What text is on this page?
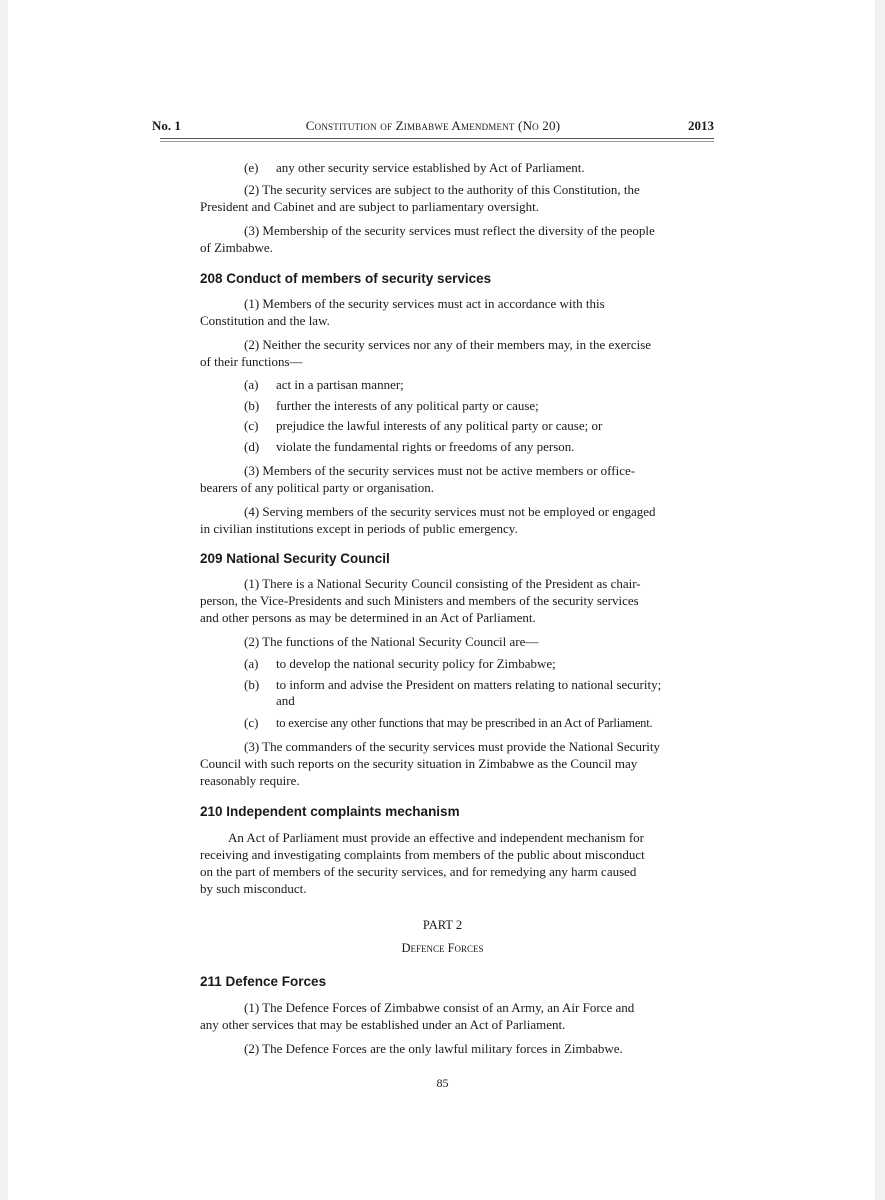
No. 1	Constitution of Zimbabwe Amendment (No 20)	2013
(e) any other security service established by Act of Parliament.
(2) The security services are subject to the authority of this Constitution, the
President and Cabinet and are subject to parliamentary oversight.
(3) Membership of the security services must reflect the diversity of the people
of Zimbabwe.
208 Conduct of members of security services
(1) Members of the security services must act in accordance with this
Constitution and the law.
(2) Neither the security services nor any of their members may, in the exercise
of their functions—
(a) act in a partisan manner;
(b) further the interests of any political party or cause;
(c) prejudice the lawful interests of any political party or cause; or
(d) violate the fundamental rights or freedoms of any person.
(3) Members of the security services must not be active members or office-
bearers of any political party or organisation.
(4) Serving members of the security services must not be employed or engaged
in civilian institutions except in periods of public emergency.
209 National Security Council
(1) There is a National Security Council consisting of the President as chair-
person, the Vice-Presidents and such Ministers and members of the security services
and other persons as may be determined in an Act of Parliament.
(2) The functions of the National Security Council are—
(a) to develop the national security policy for Zimbabwe;
(b) to inform and advise the President on matters relating to national security;
and
(c) to exercise any other functions that may be prescribed in an Act of Parliament.
(3) The commanders of the security services must provide the National Security
Council with such reports on the security situation in Zimbabwe as the Council may
reasonably require.
210 Independent complaints mechanism
An Act of Parliament must provide an effective and independent mechanism for
receiving and investigating complaints from members of the public about misconduct
on the part of members of the security services, and for remedying any harm caused
by such misconduct.
PART 2
Defence Forces
211 Defence Forces
(1) The Defence Forces of Zimbabwe consist of an Army, an Air Force and
any other services that may be established under an Act of Parliament.
(2) The Defence Forces are the only lawful military forces in Zimbabwe.
85
